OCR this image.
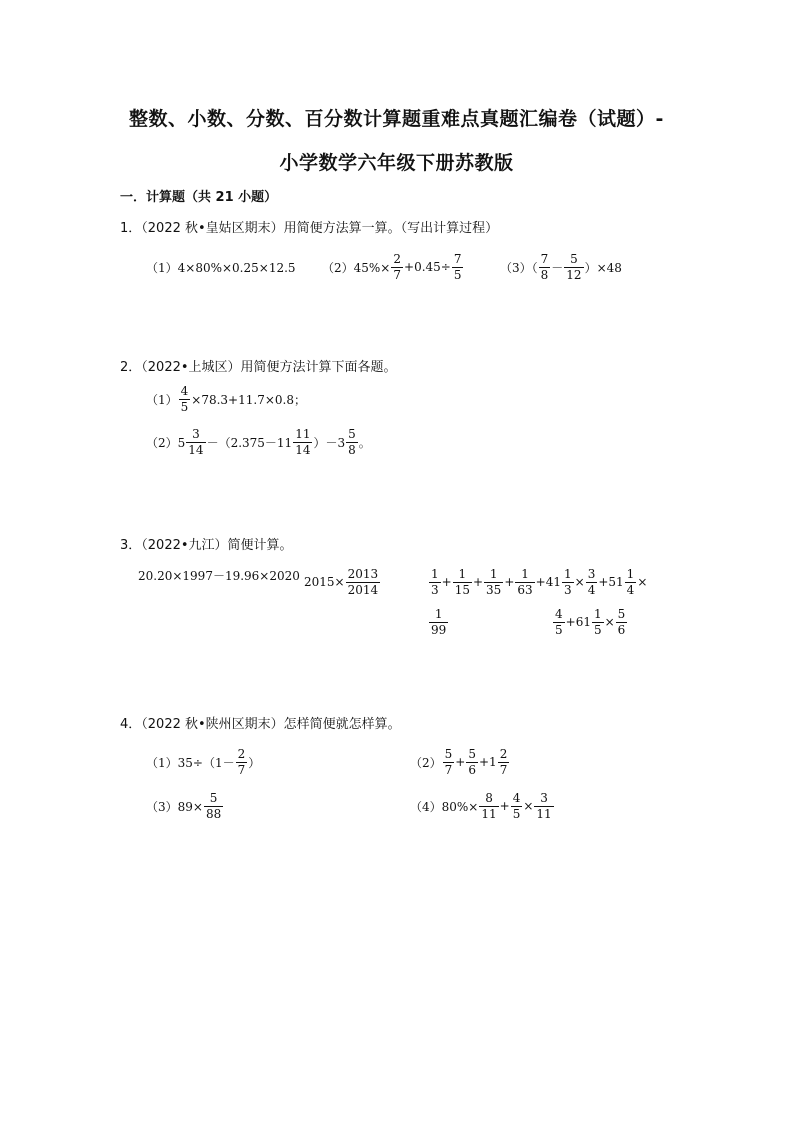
整数、小数、分数、百分数计算题重难点真题汇编卷（试题）-
小学数学六年级下册苏教版
一．计算题（共 21 小题）
1．（2022 秋•皇姑区期末）用简便方法算一算。（写出计算过程）
（1）4×80%×0.25×12.5 $(2)45\%\times \frac{2}{7} +0.45\div \frac{7}{5}$	$(3)( \frac{7}{8} - \frac{5}{12} )\times 48$
2．（2022•上城区）用简便方法计算下面各题。
$(1) \frac{4}{5} \times 78.3+11.7\times 0.8$；
$(2)5 \frac{3}{14} -(2.375-11 \frac{11}{14} )-3 \frac{5}{8}$ 。
3．（2022•九江）简便计算。
20.20×1997－19.96×2020 $2015\times \frac{2013}{2014}$	$\frac{1}{3} + \frac{1}{15} + \frac{1}{35} + \frac{1}{63} +41 \frac{1}{3} \times \frac{3}{4} +51 \frac{1}{4}$ ×
$\frac{1}{99}$	$\frac{4}{5} +61 \frac{1}{5} \times \frac{5}{6}$
4．（2022 秋•陕州区期末）怎样简便就怎样算。
$(1)35\div(1- \frac{2}{7}$ ）	$(2) \frac{5}{7} + \frac{5}{6} +1 \frac{2}{7}$
$(3)89\times \frac{5}{88}$	$(4)80\%\times \frac{8}{11} + \frac{4}{5} \times \frac{3}{11}$
